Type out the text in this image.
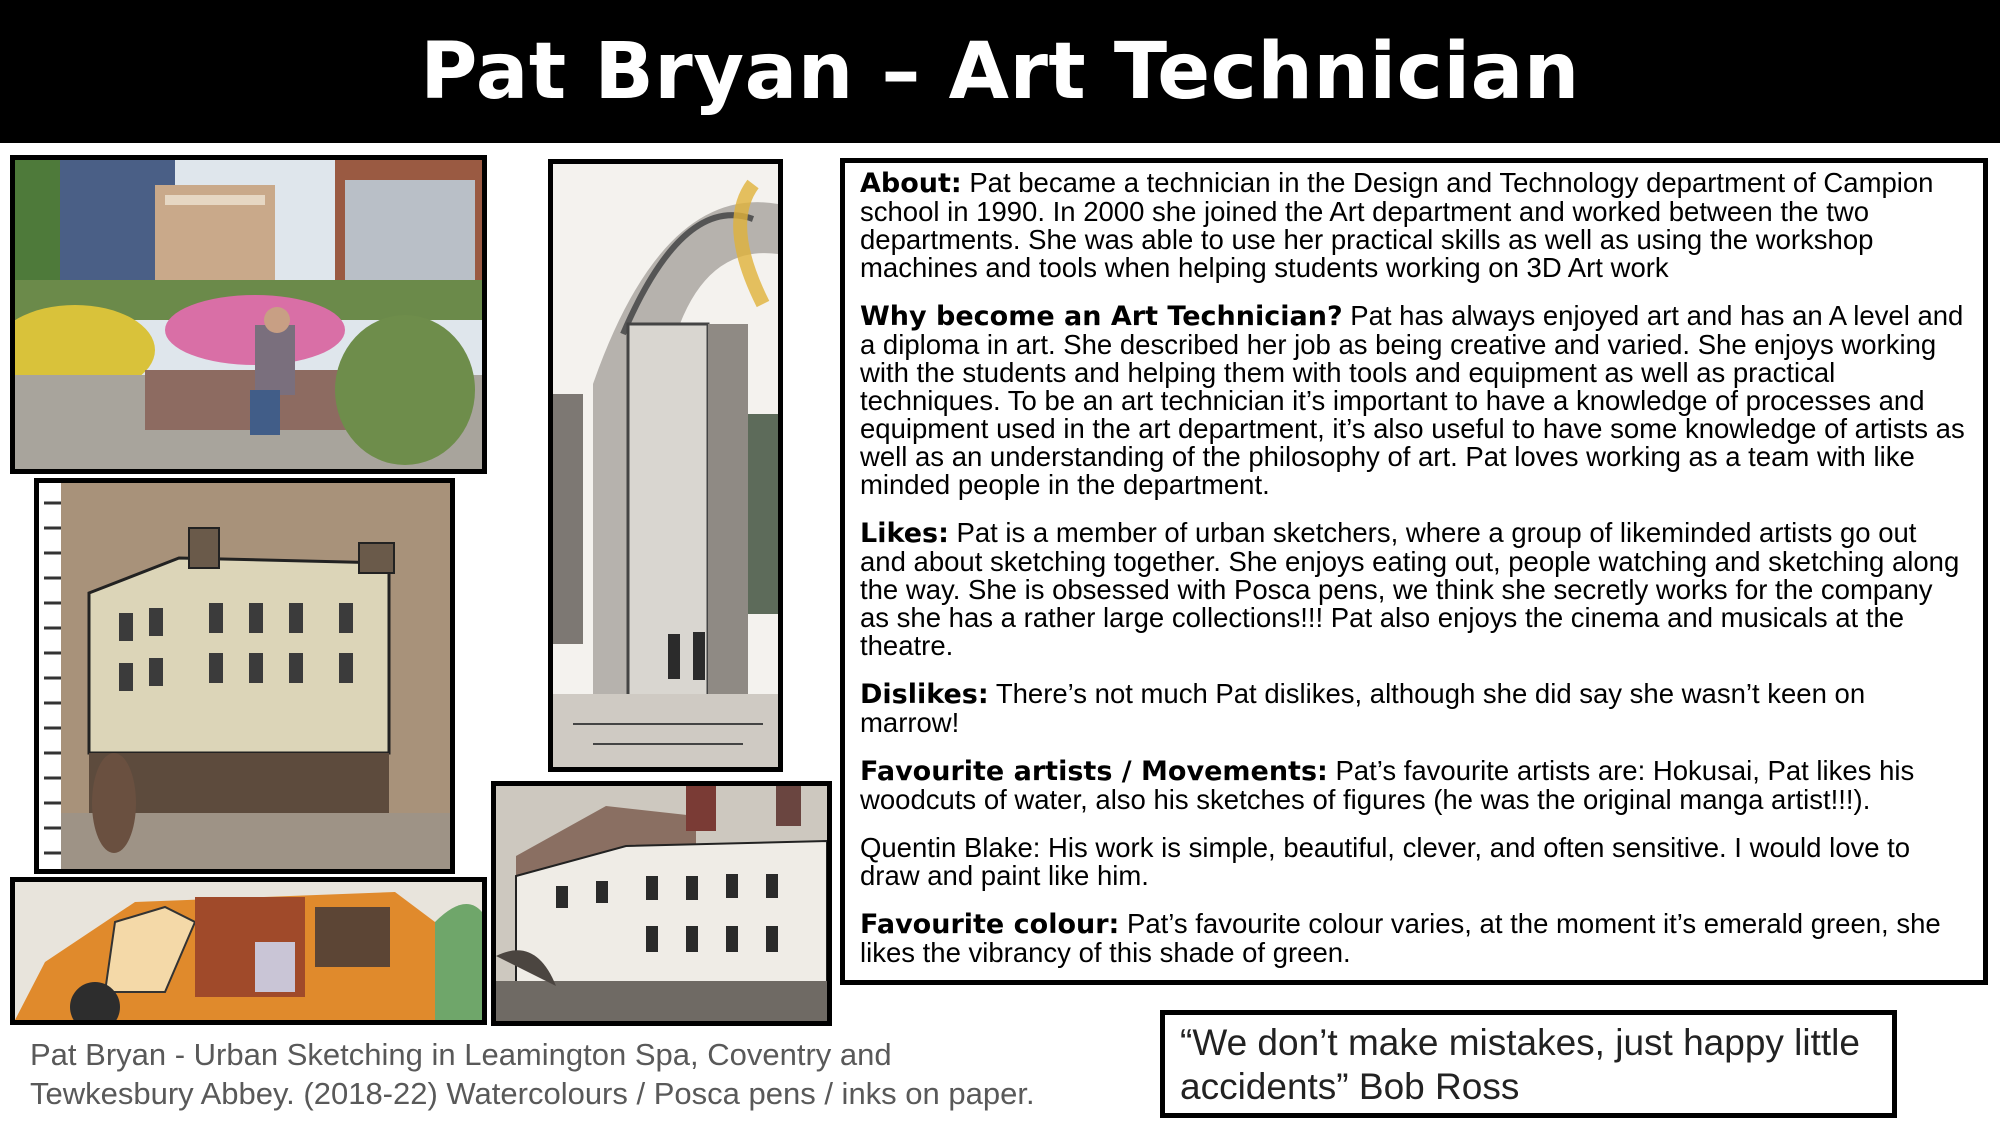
Pat Bryan – Art Technician

About: Pat became a technician in the Design and Technology department of Campion school in 1990. In 2000 she joined the Art department and worked between the two departments. She was able to use her practical skills as well as using the workshop machines and tools when helping students working on 3D Art work

Why become an Art Technician? Pat has always enjoyed art and has an A level and a diploma in art. She described her job as being creative and varied. She enjoys working with the students and helping them with tools and equipment as well as practical techniques. To be an art technician it’s important to have a knowledge of processes and equipment used in the art department, it’s also useful to have some knowledge of artists as well as an understanding of the philosophy of art. Pat loves working as a team with like minded people in the department.

Likes: Pat is a member of urban sketchers, where a group of likeminded artists go out and about sketching together. She enjoys eating out, people watching and sketching along the way. She is obsessed with Posca pens, we think she secretly works for the company as she has a rather large collections!!! Pat also enjoys the cinema and musicals at the theatre.

Dislikes: There’s not much Pat dislikes, although she did say she wasn’t keen on marrow!

Favourite artists / Movements: Pat’s favourite artists are: Hokusai, Pat likes his woodcuts of water, also his sketches of figures (he was the original manga artist!!!).

Quentin Blake: His work is simple, beautiful, clever, and often sensitive. I would love to draw and paint like him.

Favourite colour: Pat’s favourite colour varies, at the moment it’s emerald green, she likes the vibrancy of this shade of green.

Pat Bryan - Urban Sketching in Leamington Spa, Coventry and
Tewkesbury Abbey. (2018-22) Watercolours / Posca pens / inks on paper.
“We don’t make mistakes, just happy little
accidents” Bob Ross
